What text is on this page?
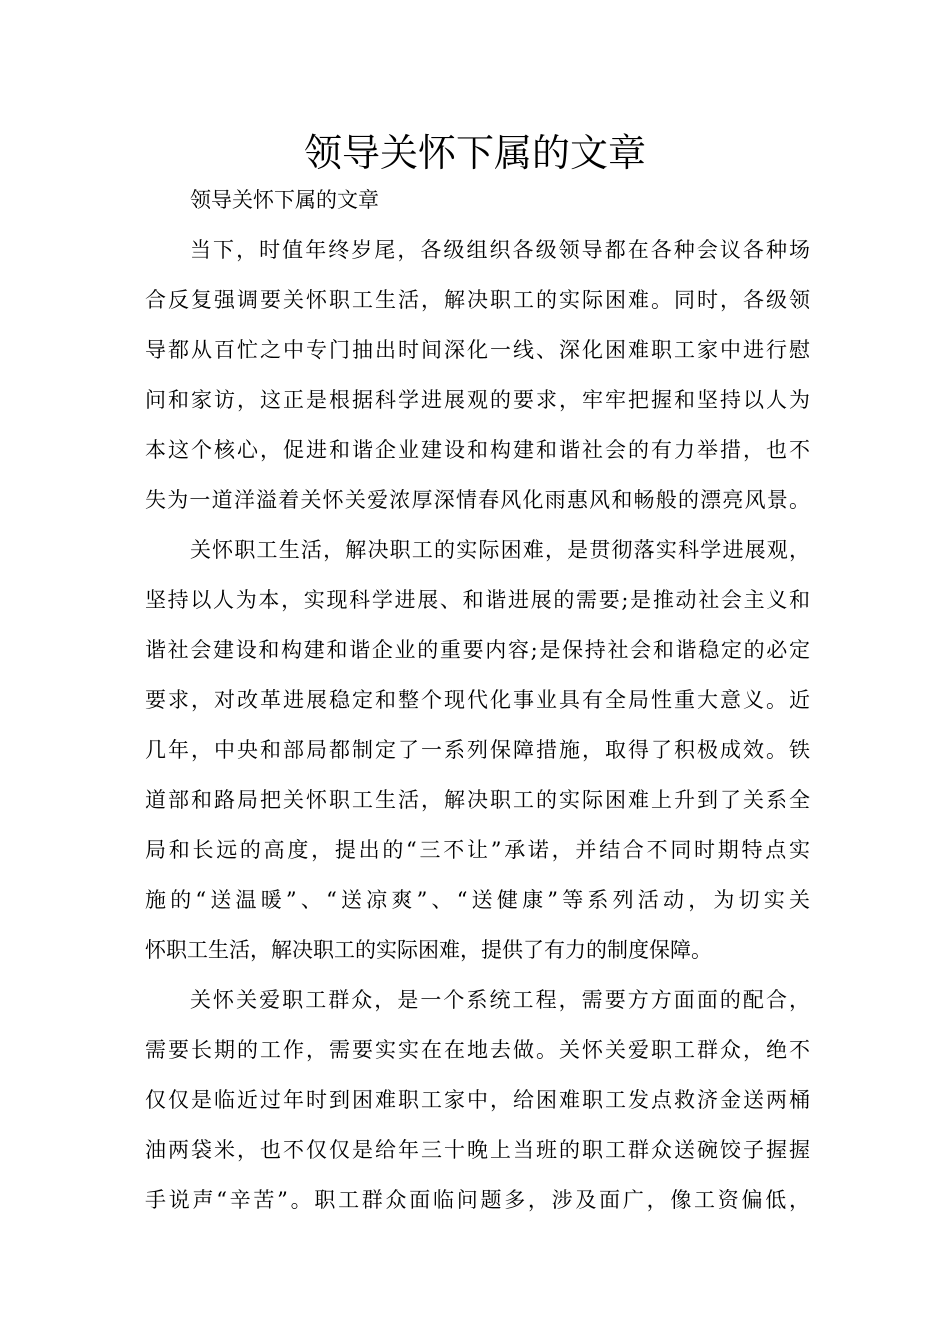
领导关怀下属的文章

领导关怀下属的文章

当下，时值年终岁尾，各级组织各级领导都在各种会议各种场

合反复强调要关怀职工生活，解决职工的实际困难。同时，各级领

导都从百忙之中专门抽出时间深化一线、深化困难职工家中进行慰

问和家访，这正是根据科学进展观的要求，牢牢把握和坚持以人为

本这个核心，促进和谐企业建设和构建和谐社会的有力举措，也不

失为一道洋溢着关怀关爱浓厚深情春风化雨惠风和畅般的漂亮风景。

关怀职工生活，解决职工的实际困难，是贯彻落实科学进展观，

坚持以人为本，实现科学进展、和谐进展的需要;是推动社会主义和

谐社会建设和构建和谐企业的重要内容;是保持社会和谐稳定的必定

要求，对改革进展稳定和整个现代化事业具有全局性重大意义。近

几年，中央和部局都制定了一系列保障措施，取得了积极成效。铁

道部和路局把关怀职工生活，解决职工的实际困难上升到了关系全

局和长远的高度，提出的“三不让”承诺，并结合不同时期特点实

施的“送温暖”、“送凉爽”、“送健康”等系列活动，为切实关

怀职工生活，解决职工的实际困难，提供了有力的制度保障。

关怀关爱职工群众，是一个系统工程，需要方方面面的配合，

需要长期的工作，需要实实在在地去做。关怀关爱职工群众，绝不

仅仅是临近过年时到困难职工家中，给困难职工发点救济金送两桶

油两袋米，也不仅仅是给年三十晚上当班的职工群众送碗饺子握握

手说声“辛苦”。职工群众面临问题多，涉及面广，像工资偏低，
